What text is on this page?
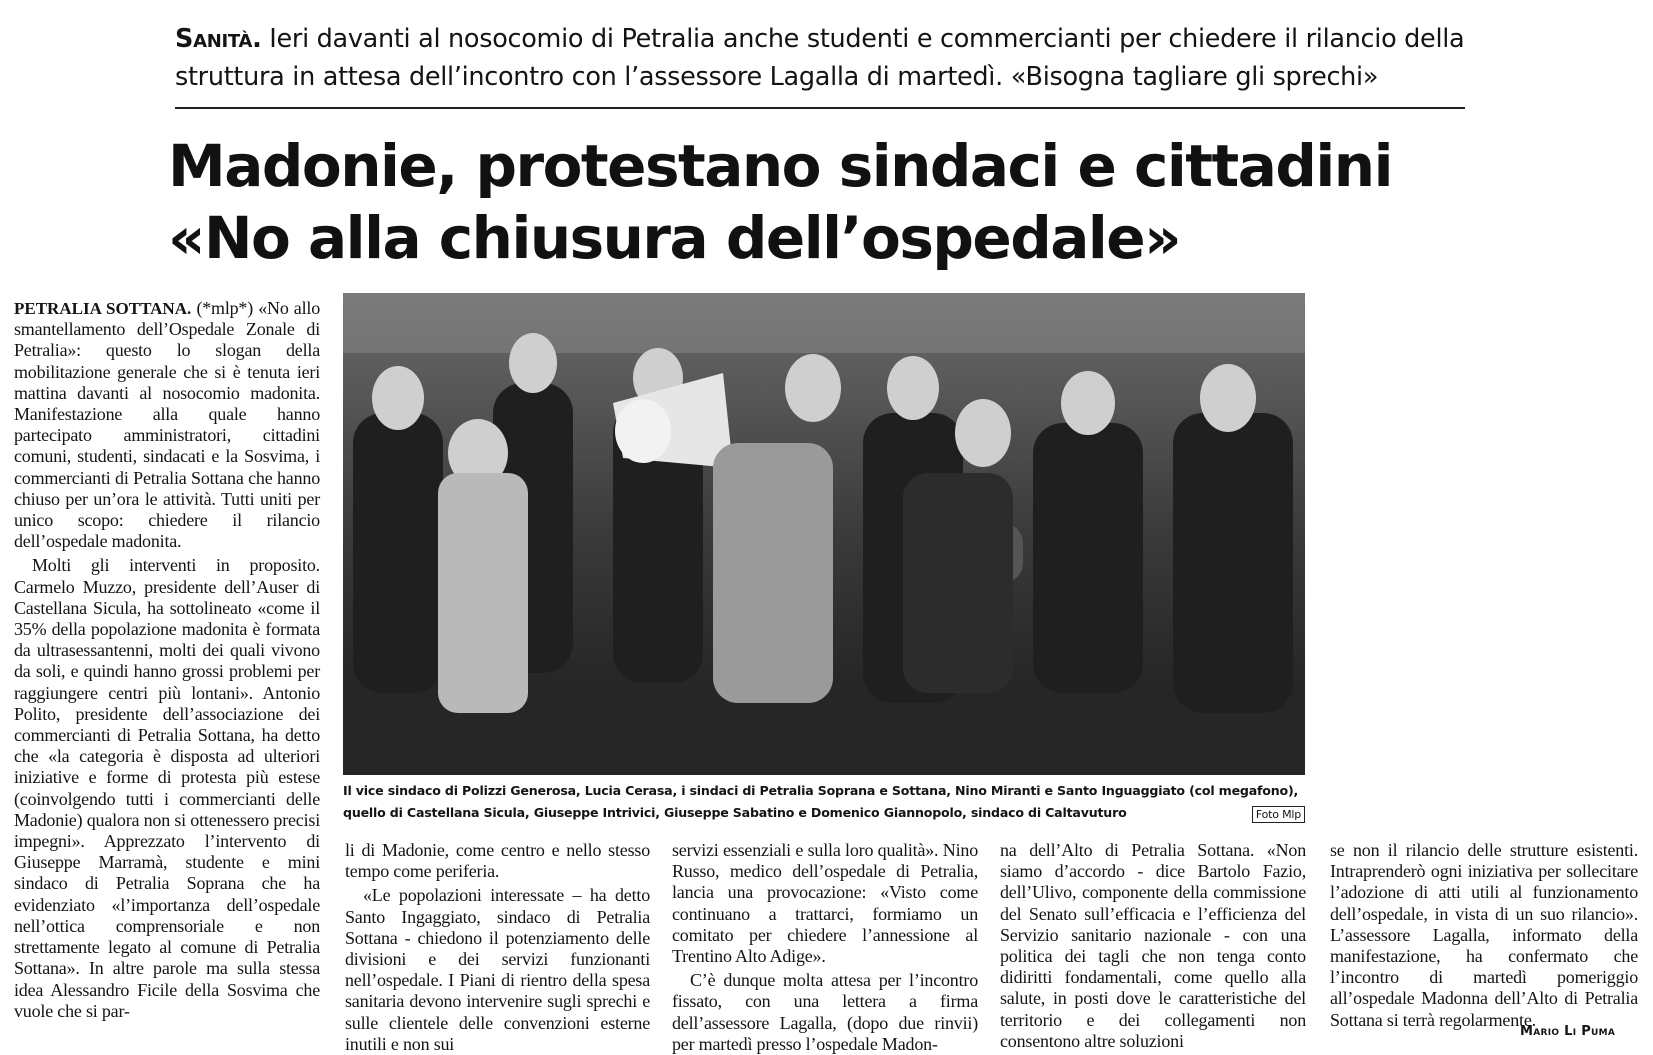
Sanità. Ieri davanti al nosocomio di Petralia anche studenti e commercianti per chiedere il rilancio della struttura in attesa dell’incontro con l’assessore Lagalla di martedì. «Bisogna tagliare gli sprechi»
Madonie, protestano sindaci e cittadini
«No alla chiusura dell’ospedale»

PETRALIA SOTTANA. (*mlp*) «No allo smantellamento dell’Ospedale Zonale di Petralia»: questo lo slogan della mobilitazione generale che si è tenuta ieri mattina davanti al nosocomio madonita. Manifestazione alla quale hanno partecipato amministratori, cittadini comuni, studenti, sindacati e la Sosvima, i commercianti di Petralia Sottana che hanno chiuso per un’ora le attività. Tutti uniti per unico scopo: chiedere il rilancio dell’ospedale madonita.

Molti gli interventi in proposito. Carmelo Muzzo, presidente dell’Auser di Castellana Sicula, ha sottolineato «come il 35% della popolazione madonita è formata da ultrasessantenni, molti dei quali vivono da soli, e quindi hanno grossi problemi per raggiungere centri più lontani». Antonio Polito, presidente dell’associazione dei commercianti di Petralia Sottana, ha detto che «la categoria è disposta ad ulteriori iniziative e forme di protesta più estese (coinvolgendo tutti i commercianti delle Madonie) qualora non si ottenessero precisi impegni». Apprezzato l’intervento di Giuseppe Marramà, studente e mini sindaco di Petralia Soprana che ha evidenziato «l’importanza dell’ospedale nell’ottica comprensoriale e non strettamente legato al comune di Petralia Sottana». In altre parole ma sulla stessa idea Alessandro Ficile della Sosvima che vuole che si par-

Il vice sindaco di Polizzi Generosa, Lucia Cerasa, i sindaci di Petralia Soprana e Sottana, Nino Miranti e Santo Inguaggiato (col megafono), quello di Castellana Sicula, Giuseppe Intrivici, Giuseppe Sabatino e Domenico Giannopolo, sindaco di Caltavuturo	Foto Mlp

li di Madonie, come centro e nello stesso tempo come periferia.

«Le popolazioni interessate – ha detto Santo Ingaggiato, sindaco di Petralia Sottana - chiedono il potenziamento delle divisioni e dei servizi funzionanti nell’ospedale. I Piani di rientro della spesa sanitaria devono intervenire sugli sprechi e sulle clientele delle convenzioni esterne inutili e non sui

servizi essenziali e sulla loro qualità». Nino Russo, medico dell’ospedale di Petralia, lancia una provocazione: «Visto come continuano a trattarci, formiamo un comitato per chiedere l’annessione al Trentino Alto Adige».

C’è dunque molta attesa per l’incontro fissato, con una lettera a firma dell’assessore Lagalla, (dopo due rinvii) per martedì presso l’ospedale Madon-

na dell’Alto di Petralia Sottana. «Non siamo d’accordo - dice Bartolo Fazio, dell’Ulivo, componente della commissione del Senato sull’efficacia e l’efficienza del Servizio sanitario nazionale - con una politica dei tagli che non tenga conto didiritti fondamentali, come quello alla salute, in posti dove le caratteristiche del territorio e dei collegamenti non consentono altre soluzioni

se non il rilancio delle strutture esistenti. Intraprenderò ogni iniziativa per sollecitare l’adozione di atti utili al funzionamento dell’ospedale, in vista di un suo rilancio». L’assessore Lagalla, informato della manifestazione, ha confermato che l’incontro di martedì pomeriggio all’ospedale Madonna dell’Alto di Petralia Sottana si terrà regolarmente.

Mario Li Puma
